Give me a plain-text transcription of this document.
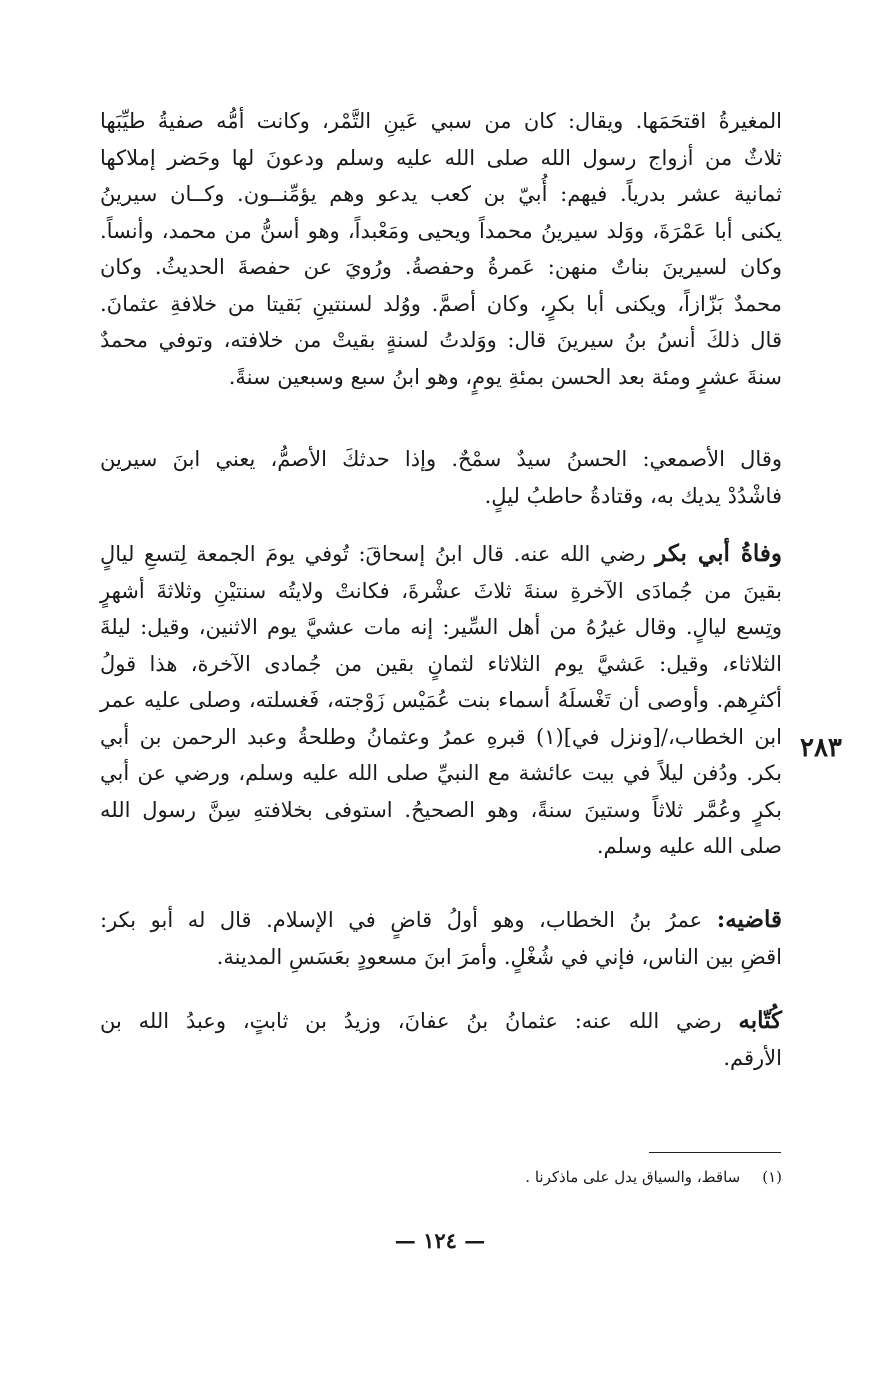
المغيرةُ اقتحَمَها. ويقال: كان من سبي عَينِ التَّمْر، وكانت أمُّه صفيةُ طيِّبَها
ثلاثٌ من أزواج رسول الله صلى الله عليه وسلم ودعونَ لها وحَضر إملاكها
ثمانية عشر بدرياً. فيهم: أُبيّ بن كعب يدعو وهم يؤمِّنــون. وكــان سيرينُ
يكنى أبا عَمْرَةَ، ووَلد سيرينُ محمداً ويحيى ومَعْبداً، وهو أسنُّ من محمد، وأنساً.
وكان لسيرينَ بناتٌ منهن: عَمرةُ وحفصةُ. ورُويَ عن حفصةَ الحديثُ. وكان
محمدٌ بَزّازاً، ويكنى أبا بكرٍ، وكان أصمَّ. ووُلد لسنتينِ بَقيتا من خلافةِ عثمانَ.
قال ذلكَ أنسُ بنُ سيرينَ قال: ووَلدتُ لسنةٍ بقيتْ من خلافته، وتوفي محمدٌ
سنةَ عشرٍ ومئة بعد الحسن بمئةِ يومٍ، وهو ابنُ سبع وسبعين سنةً.
وقال الأصمعي: الحسنُ سيدٌ سمْحٌ. وإذا حدثكَ الأصمُّ، يعني ابنَ سيرين
فاشْدُدْ يديك به، وقتادةُ حاطبُ ليلٍ.
وفاةُ أبي بكر رضي الله عنه. قال ابنُ إسحاقَ: تُوفي يومَ الجمعة لِتسعِ ليالٍ
بقينَ من جُمادَى الآخرةِ سنةَ ثلاثَ عشْرةَ، فكانتْ ولايتُه سنتيْنِ وثلاثةَ أشهرٍ
وتِسع ليالٍ. وقال غيرُهُ من أهل السِّير: إنه مات عشيَّ يوم الاثنين، وقيل: ليلةَ
الثلاثاء، وقيل: عَشيَّ يوم الثلاثاء لثمانٍ بقين من جُمادى الآخرة، هذا قولُ
أكثرِهم. وأوصى أن تَغْسلَهُ أسماء بنت عُمَيْس زَوْجته، فَغسلته، وصلى عليه عمر
ابن الخطاب،/[ونزل في](١) قبرهِ عمرُ وعثمانُ وطلحةُ وعبد الرحمن بن أبي
بكر. ودُفن ليلاً في بيت عائشة مع النبيِّ صلى الله عليه وسلم، ورضي عن أبي
بكرٍ وعُمَّر ثلاثاً وستينَ سنةً، وهو الصحيحُ. استوفى بخلافتهِ سِنَّ رسول الله
صلى الله عليه وسلم.
قاضيه: عمرُ بنُ الخطاب، وهو أولُ قاضٍ في الإسلام. قال له أبو بكر:
اقضِ بين الناس، فإني في شُغْلٍ. وأمرَ ابنَ مسعودٍ بعَسَسِ المدينة.
كُتّابه رضي الله عنه: عثمانُ بنُ عفانَ، وزيدُ بن ثابتٍ، وعبدُ الله بن
الأرقم.
٢٨٣
(١)ساقط، والسياق يدل على ماذكرنا .
— ١٢٤ —
